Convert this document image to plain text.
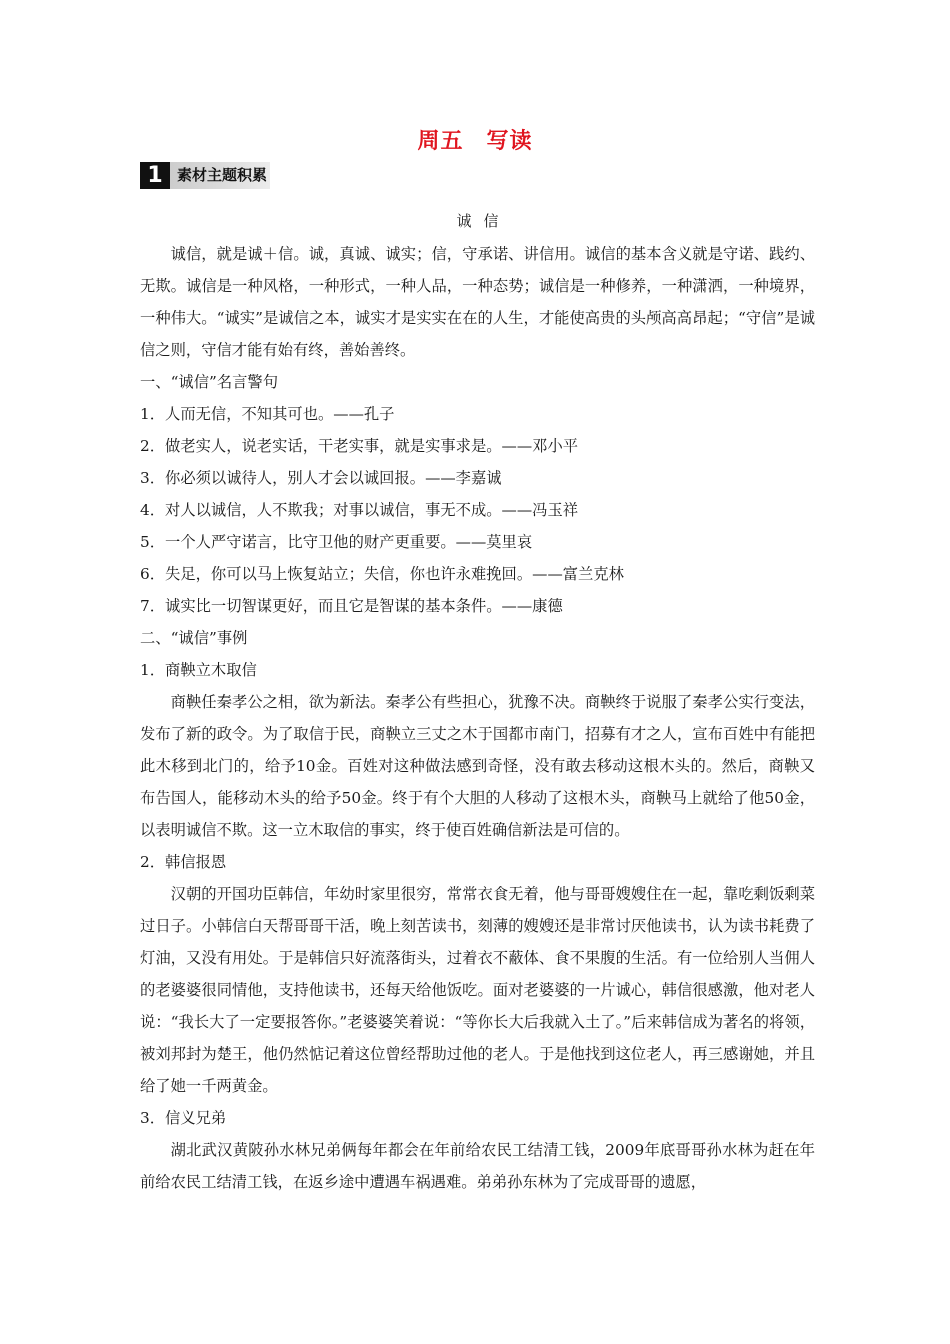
周五　写读
1 素材主题积累
诚 信

诚信，就是诚＋信。诚，真诚、诚实；信，守承诺、讲信用。诚信的基本含义就是守诺、践约、无欺。诚信是一种风格，一种形式，一种人品，一种态势；诚信是一种修养，一种潇洒，一种境界，一种伟大。“诚实”是诚信之本，诚实才是实实在在的人生，才能使高贵的头颅高高昂起；“守信”是诚信之则，守信才能有始有终，善始善终。

一、“诚信”名言警句

1．人而无信，不知其可也。——孔子

2．做老实人，说老实话，干老实事，就是实事求是。——邓小平

3．你必须以诚待人，别人才会以诚回报。——李嘉诚

4．对人以诚信，人不欺我；对事以诚信，事无不成。——冯玉祥

5．一个人严守诺言，比守卫他的财产更重要。——莫里哀

6．失足，你可以马上恢复站立；失信，你也许永难挽回。——富兰克林

7．诚实比一切智谋更好，而且它是智谋的基本条件。——康德

二、“诚信”事例

1．商鞅立木取信

商鞅任秦孝公之相，欲为新法。秦孝公有些担心，犹豫不决。商鞅终于说服了秦孝公实行变法，发布了新的政令。为了取信于民，商鞅立三丈之木于国都市南门，招募有才之人，宣布百姓中有能把此木移到北门的，给予10金。百姓对这种做法感到奇怪，没有敢去移动这根木头的。然后，商鞅又布告国人，能移动木头的给予50金。终于有个大胆的人移动了这根木头，商鞅马上就给了他50金，以表明诚信不欺。这一立木取信的事实，终于使百姓确信新法是可信的。

2．韩信报恩

汉朝的开国功臣韩信，年幼时家里很穷，常常衣食无着，他与哥哥嫂嫂住在一起，靠吃剩饭剩菜过日子。小韩信白天帮哥哥干活，晚上刻苦读书，刻薄的嫂嫂还是非常讨厌他读书，认为读书耗费了灯油，又没有用处。于是韩信只好流落街头，过着衣不蔽体、食不果腹的生活。有一位给别人当佣人的老婆婆很同情他，支持他读书，还每天给他饭吃。面对老婆婆的一片诚心，韩信很感激，他对老人说：“我长大了一定要报答你。”老婆婆笑着说：“等你长大后我就入土了。”后来韩信成为著名的将领，被刘邦封为楚王，他仍然惦记着这位曾经帮助过他的老人。于是他找到这位老人，再三感谢她，并且给了她一千两黄金。

3．信义兄弟

湖北武汉黄陂孙水林兄弟俩每年都会在年前给农民工结清工钱，2009年底哥哥孙水林为赶在年前给农民工结清工钱，在返乡途中遭遇车祸遇难。弟弟孙东林为了完成哥哥的遗愿，
